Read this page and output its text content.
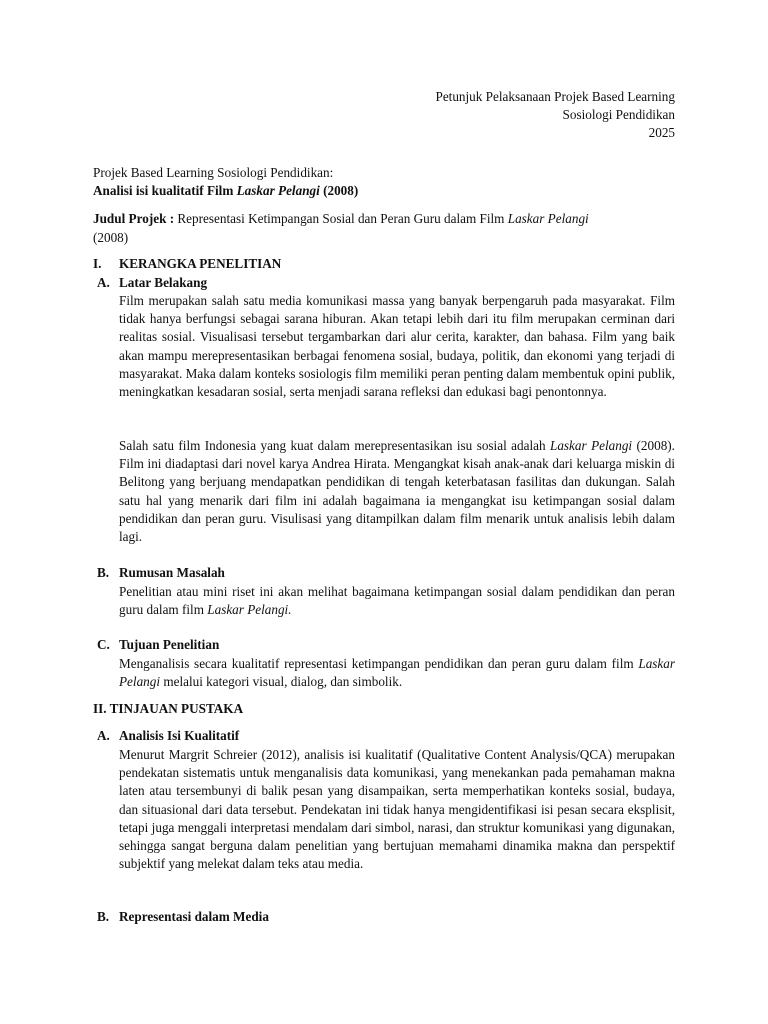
Petunjuk Pelaksanaan Projek Based Learning
Sosiologi Pendidikan
2025
Projek Based Learning Sosiologi Pendidikan:
Analisi isi kualitatif Film Laskar Pelangi (2008)
Judul Projek : Representasi Ketimpangan Sosial dan Peran Guru dalam Film Laskar Pelangi
(2008)
I. KERANGKA PENELITIAN
A. Latar Belakang
Film merupakan salah satu media komunikasi massa yang banyak berpengaruh pada masyarakat. Film tidak hanya berfungsi sebagai sarana hiburan. Akan tetapi lebih dari itu film merupakan cerminan dari realitas sosial. Visualisasi tersebut tergambarkan dari alur cerita, karakter, dan bahasa. Film yang baik akan mampu merepresentasikan berbagai fenomena sosial, budaya, politik, dan ekonomi yang terjadi di masyarakat. Maka dalam konteks sosiologis film memiliki peran penting dalam membentuk opini publik, meningkatkan kesadaran sosial, serta menjadi sarana refleksi dan edukasi bagi penontonnya.
Salah satu film Indonesia yang kuat dalam merepresentasikan isu sosial adalah Laskar Pelangi (2008). Film ini diadaptasi dari novel karya Andrea Hirata. Mengangkat kisah anak-anak dari keluarga miskin di Belitong yang berjuang mendapatkan pendidikan di tengah keterbatasan fasilitas dan dukungan. Salah satu hal yang menarik dari film ini adalah bagaimana ia mengangkat isu ketimpangan sosial dalam pendidikan dan peran guru. Visulisasi yang ditampilkan dalam film menarik untuk analisis lebih dalam lagi.
B. Rumusan Masalah
Penelitian atau mini riset ini akan melihat bagaimana ketimpangan sosial dalam pendidikan dan peran guru dalam film Laskar Pelangi.
C. Tujuan Penelitian
Menganalisis secara kualitatif representasi ketimpangan pendidikan dan peran guru dalam film Laskar Pelangi melalui kategori visual, dialog, dan simbolik.
II. TINJAUAN PUSTAKA
A. Analisis Isi Kualitatif
Menurut Margrit Schreier (2012), analisis isi kualitatif (Qualitative Content Analysis/QCA) merupakan pendekatan sistematis untuk menganalisis data komunikasi, yang menekankan pada pemahaman makna laten atau tersembunyi di balik pesan yang disampaikan, serta memperhatikan konteks sosial, budaya, dan situasional dari data tersebut. Pendekatan ini tidak hanya mengidentifikasi isi pesan secara eksplisit, tetapi juga menggali interpretasi mendalam dari simbol, narasi, dan struktur komunikasi yang digunakan, sehingga sangat berguna dalam penelitian yang bertujuan memahami dinamika makna dan perspektif subjektif yang melekat dalam teks atau media.
B. Representasi dalam Media
